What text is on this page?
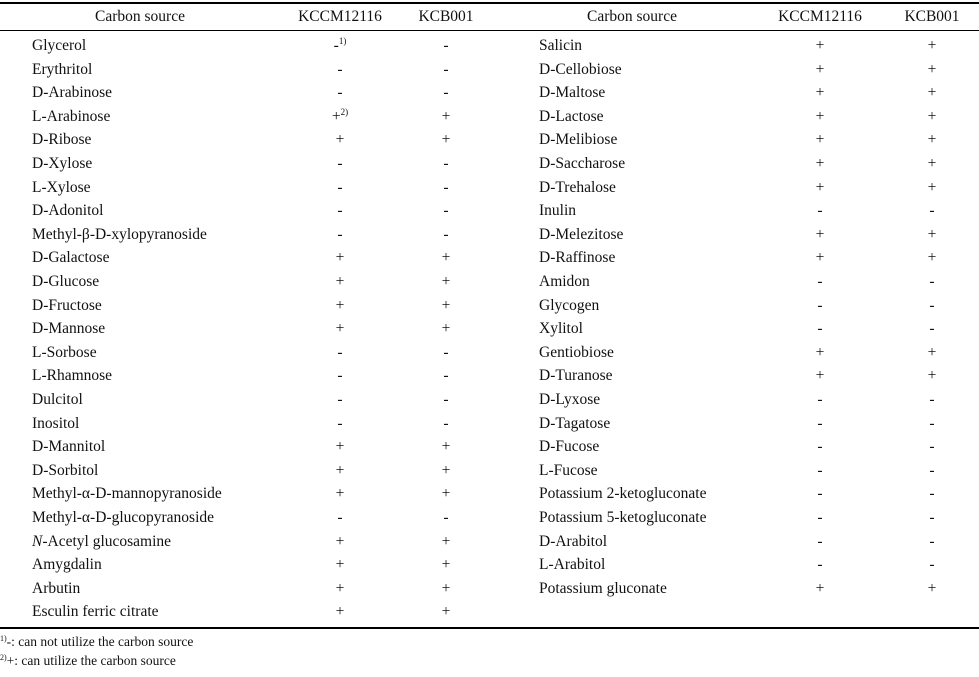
Carbon source	KCCM12116	KCB001	Carbon source	KCCM12116	KCB001
Glycerol	-$^{1)}$	-
Erythritol	-	-
D-Arabinose	-	-
L-Arabinose	+$^{2)}$	+
D-Ribose	+	+
D-Xylose	-	-
L-Xylose	-	-
D-Adonitol	-	-
Methyl-β-D-xylopyranoside	-	-
D-Galactose	+	+
D-Glucose	+	+
D-Fructose	+	+
D-Mannose	+	+
L-Sorbose	-	-
L-Rhamnose	-	-
Dulcitol	-	-
Inositol	-	-
D-Mannitol	+	+
D-Sorbitol	+	+
Methyl-α-D-mannopyranoside	+	+
Methyl-α-D-glucopyranoside	-	-
N-Acetyl glucosamine	+	+
Amygdalin	+	+
Arbutin	+	+
Esculin ferric citrate	+	+
Salicin	+	+
D-Cellobiose	+	+
D-Maltose	+	+
D-Lactose	+	+
D-Melibiose	+	+
D-Saccharose	+	+
D-Trehalose	+	+
Inulin	-	-
D-Melezitose	+	+
D-Raffinose	+	+
Amidon	-	-
Glycogen	-	-
Xylitol	-	-
Gentiobiose	+	+
D-Turanose	+	+
D-Lyxose	-	-
D-Tagatose	-	-
D-Fucose	-	-
L-Fucose	-	-
Potassium 2-ketogluconate	-	-
Potassium 5-ketogluconate	-	-
D-Arabitol	-	-
L-Arabitol	-	-
Potassium gluconate	+	+
$^{1)}$-: can not utilize the carbon source
$^{2)}$+: can utilize the carbon source
